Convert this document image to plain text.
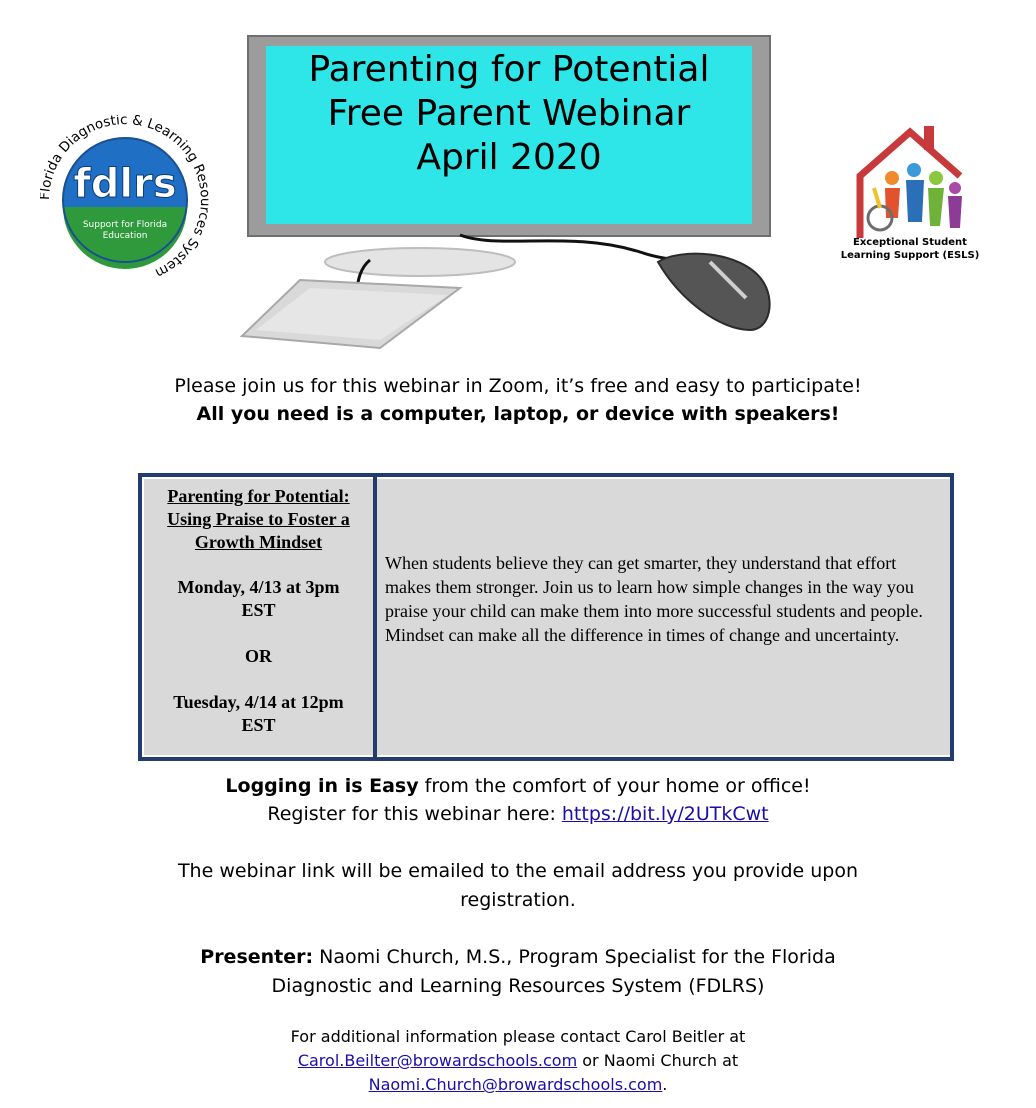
rida Diagnostic & Learning Re es System
fdlrs
Support for Florida
Education
Parenting for Potential
Free Parent Webinar
April 2020
Exceptional Student
Learning Support (ESLS)
Please join us for this webinar in Zoom, it’s free and easy to participate!
All you need is a computer, laptop, or device with speakers!
Parenting for Potential: Using Praise to Foster a Growth Mindset
Monday, 4/13 at 3pm
EST
OR
Tuesday, 4/14 at 12pm
EST
When students believe they can get smarter, they understand that effort makes them stronger. Join us to learn how simple changes in the way you praise your child can make them into more successful students and people. Mindset can make all the difference in times of change and uncertainty.
Logging in is Easy from the comfort of your home or office!
Register for this webinar here: https://bit.ly/2UTkCwt
The webinar link will be emailed to the email address you provide upon
registration.
Presenter: Naomi Church, M.S., Program Specialist for the Florida
Diagnostic and Learning Resources System (FDLRS)
For additional information please contact Carol Beitler at
Carol.Beilter@browardschools.com or Naomi Church at
Naomi.Church@browardschools.com.
